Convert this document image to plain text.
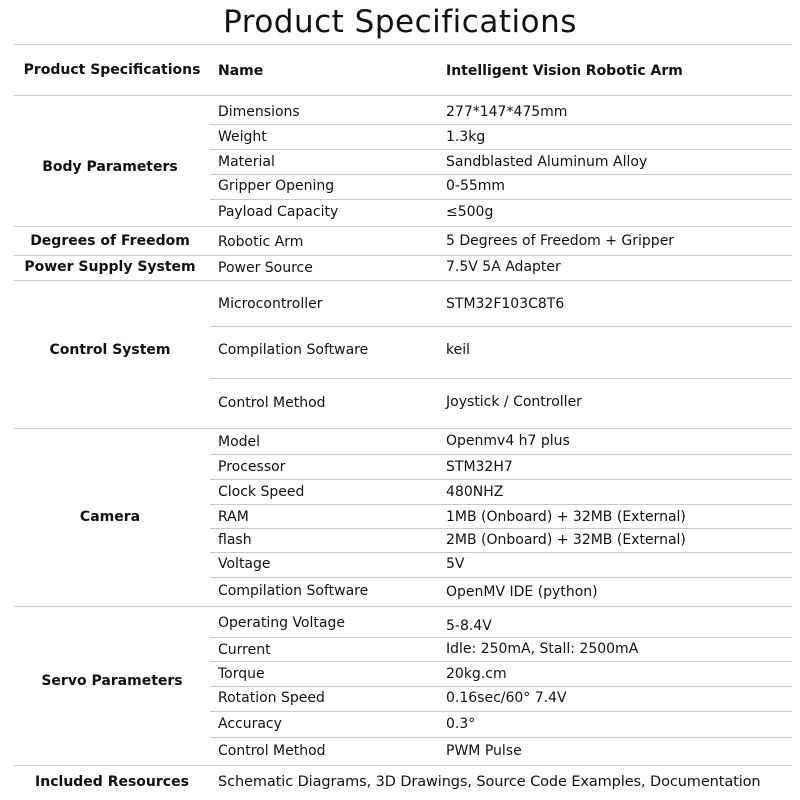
Product Specifications
Product Specifications	Name	Intelligent Vision Robotic Arm
Body Parameters
Degrees of Freedom
Power Supply System
Control System
Camera
Servo Parameters
Included Resources
Dimensions
Weight
Material
Gripper Opening
Payload Capacity
Robotic Arm
Power Source
Microcontroller
Compilation Software
Control Method
Model
Processor
Clock Speed
RAM
flash
Voltage
Compilation Software
Operating Voltage
Current
Torque
Rotation Speed
Accuracy
Control Method
Schematic Diagrams, 3D Drawings, Source Code Examples, Documentation
277*147*475mm
1.3kg
Sandblasted Aluminum Alloy
0-55mm
≤500g
5 Degrees of Freedom + Gripper
7.5V 5A Adapter
STM32F103C8T6
keil
Joystick / Controller
Openmv4 h7 plus
STM32H7
480NHZ
1MB (Onboard) + 32MB (External)
2MB (Onboard) + 32MB (External)
5V
OpenMV IDE (python)
5-8.4V
Idle: 250mA, Stall: 2500mA
20kg.cm
0.16sec/60° 7.4V
0.3°
PWM Pulse
